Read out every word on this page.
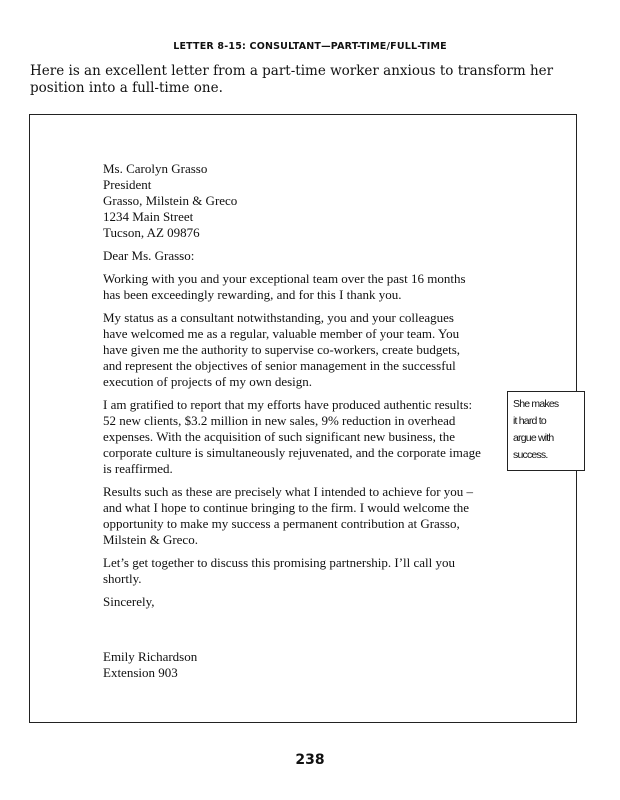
LETTER 8-15: CONSULTANT—PART-TIME/FULL-TIME
Here is an excellent letter from a part-time worker anxious to transform her position into a full-time one.
Ms. Carolyn Grasso
President
Grasso, Milstein & Greco
1234 Main Street
Tucson, AZ 09876
Dear Ms. Grasso:
Working with you and your exceptional team over the past 16 months
has been exceedingly rewarding, and for this I thank you.
My status as a consultant notwithstanding, you and your colleagues
have welcomed me as a regular, valuable member of your team. You
have given me the authority to supervise co-workers, create budgets,
and represent the objectives of senior management in the successful
execution of projects of my own design.
I am gratified to report that my efforts have produced authentic results:
52 new clients, $3.2 million in new sales, 9% reduction in overhead
expenses. With the acquisition of such significant new business, the
corporate culture is simultaneously rejuvenated, and the corporate image
is reaffirmed.
Results such as these are precisely what I intended to achieve for you –
and what I hope to continue bringing to the firm. I would welcome the
opportunity to make my success a permanent contribution at Grasso,
Milstein & Greco.
Let’s get together to discuss this promising partnership. I’ll call you
shortly.
Sincerely,
Emily Richardson
Extension 903
She makes
it hard to
argue with
success.
238
